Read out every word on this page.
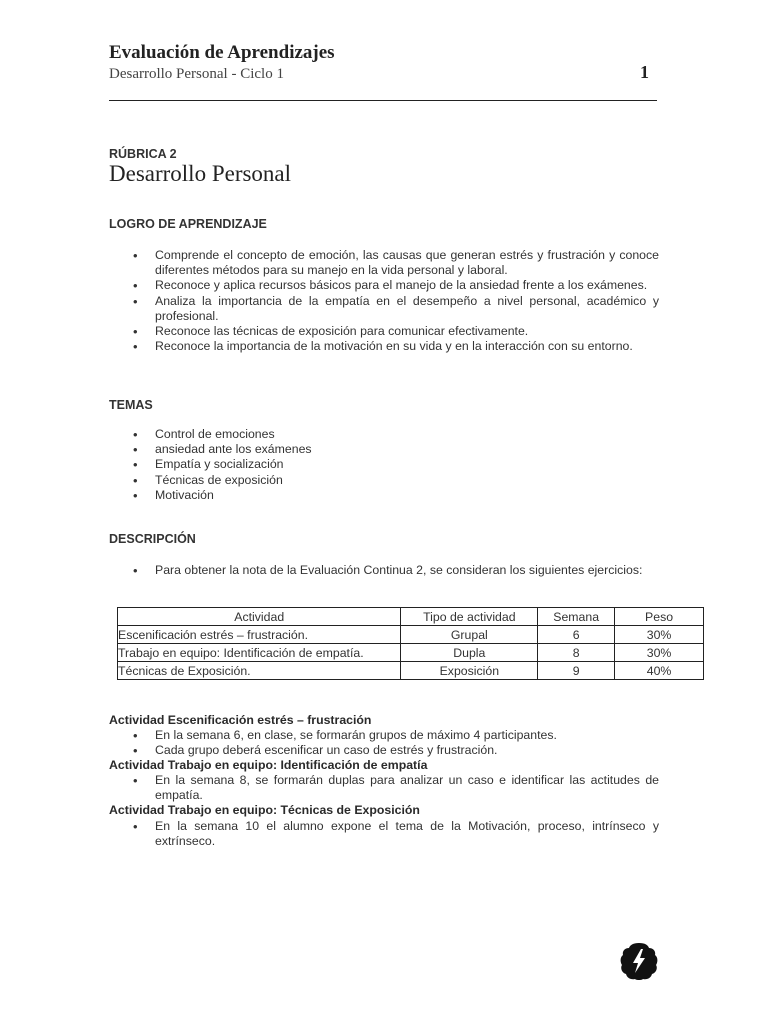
Evaluación de Aprendizajes
Desarrollo Personal - Ciclo 1	1
RÚBRICA 2
Desarrollo Personal
LOGRO DE APRENDIZAJE
• Comprende el concepto de emoción, las causas que generan estrés y frustración y conoce diferentes métodos para su manejo en la vida personal y laboral.
• Reconoce y aplica recursos básicos para el manejo de la ansiedad frente a los exámenes.
• Analiza la importancia de la empatía en el desempeño a nivel personal, académico y profesional.
• Reconoce las técnicas de exposición para comunicar efectivamente.
• Reconoce la importancia de la motivación en su vida y en la interacción con su entorno.
TEMAS
• Control de emociones
• ansiedad ante los exámenes
• Empatía y socialización
• Técnicas de exposición
• Motivación
DESCRIPCIÓN
• Para obtener la nota de la Evaluación Continua 2, se consideran los siguientes ejercicios:
Actividad	Tipo de actividad	Semana	Peso
Escenificación estrés – frustración.	Grupal	6	30%
Trabajo en equipo: Identificación de empatía.	Dupla	8	30%
Técnicas de Exposición.	Exposición	9	40%
Actividad Escenificación estrés – frustración
• En la semana 6, en clase, se formarán grupos de máximo 4 participantes.
• Cada grupo deberá escenificar un caso de estrés y frustración.
Actividad Trabajo en equipo: Identificación de empatía
• En la semana 8, se formarán duplas para analizar un caso e identificar las actitudes de empatía.
Actividad Trabajo en equipo: Técnicas de Exposición
• En la semana 10 el alumno expone el tema de la Motivación, proceso, intrínseco y extrínseco.
